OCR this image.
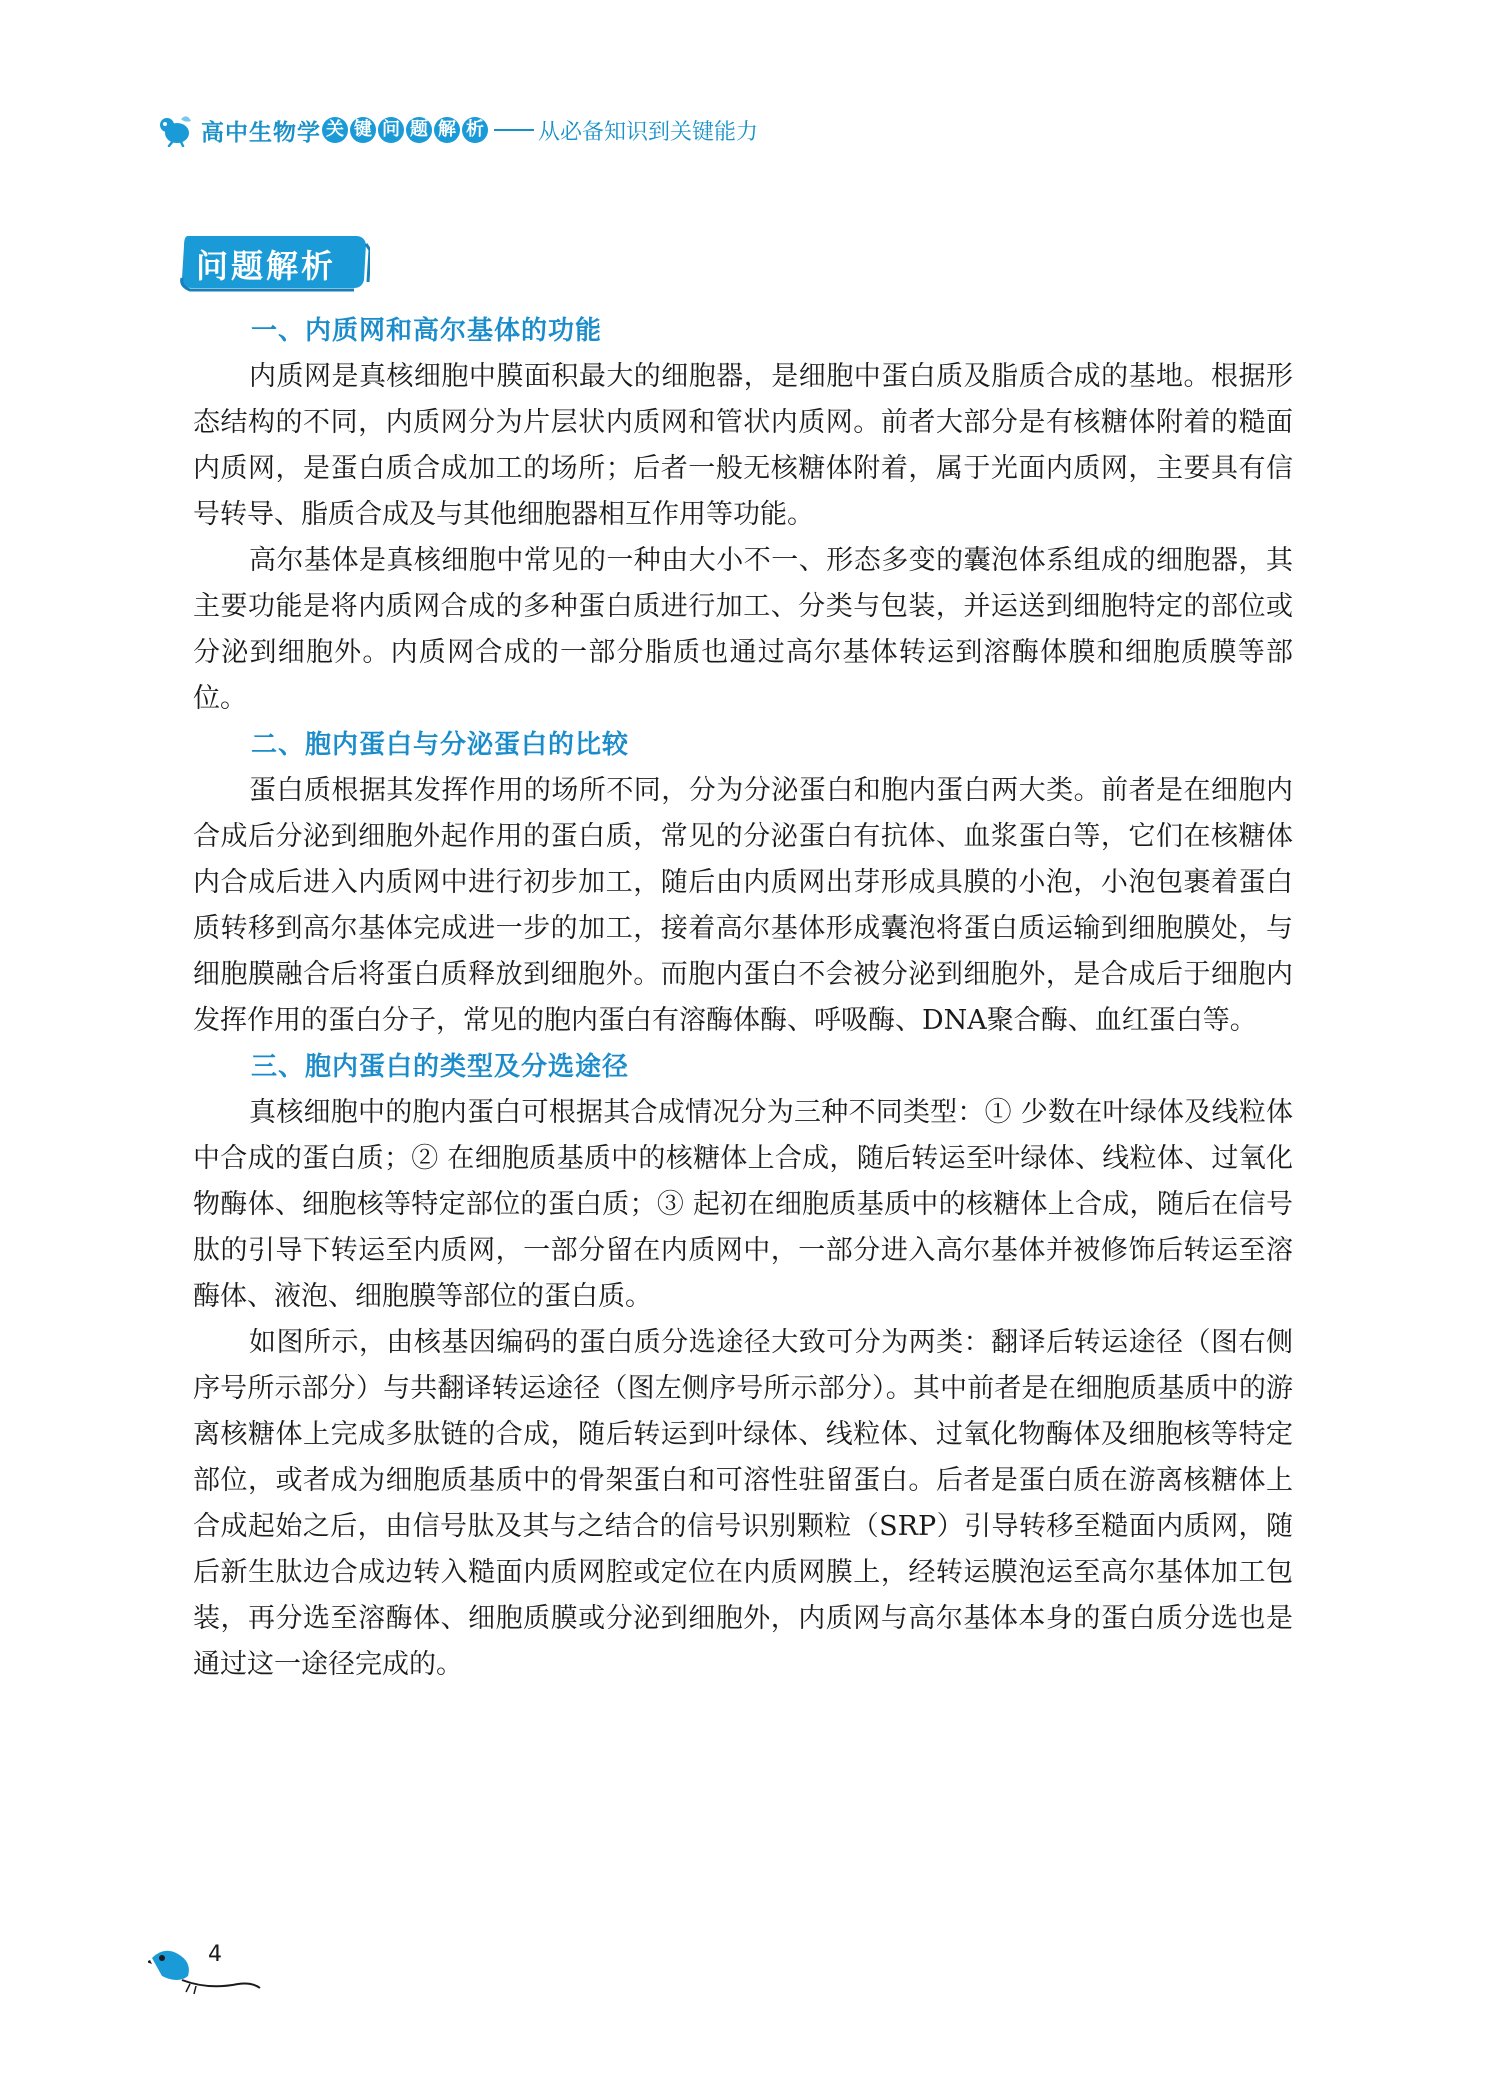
高中生物学 关 键 问 题 解 析 从必备知识到关键能力
问题解析
一、内质网和高尔基体的功能

内质网是真核细胞中膜面积最大的细胞器，是细胞中蛋白质及脂质合成的基地。根据形态结构的不同，内质网分为片层状内质网和管状内质网。前者大部分是有核糖体附着的糙面内质网，是蛋白质合成加工的场所；后者一般无核糖体附着，属于光面内质网，主要具有信号转导、脂质合成及与其他细胞器相互作用等功能。

高尔基体是真核细胞中常见的一种由大小不一、形态多变的囊泡体系组成的细胞器，其主要功能是将内质网合成的多种蛋白质进行加工、分类与包装，并运送到细胞特定的部位或分泌到细胞外。内质网合成的一部分脂质也通过高尔基体转运到溶酶体膜和细胞质膜等部位。

二、胞内蛋白与分泌蛋白的比较

蛋白质根据其发挥作用的场所不同，分为分泌蛋白和胞内蛋白两大类。前者是在细胞内合成后分泌到细胞外起作用的蛋白质，常见的分泌蛋白有抗体、血浆蛋白等，它们在核糖体内合成后进入内质网中进行初步加工，随后由内质网出芽形成具膜的小泡，小泡包裹着蛋白质转移到高尔基体完成进一步的加工，接着高尔基体形成囊泡将蛋白质运输到细胞膜处，与细胞膜融合后将蛋白质释放到细胞外。而胞内蛋白不会被分泌到细胞外，是合成后于细胞内发挥作用的蛋白分子，常见的胞内蛋白有溶酶体酶、呼吸酶、DNA聚合酶、血红蛋白等。

三、胞内蛋白的类型及分选途径

真核细胞中的胞内蛋白可根据其合成情况分为三种不同类型：① 少数在叶绿体及线粒体中合成的蛋白质；② 在细胞质基质中的核糖体上合成，随后转运至叶绿体、线粒体、过氧化物酶体、细胞核等特定部位的蛋白质；③ 起初在细胞质基质中的核糖体上合成，随后在信号肽的引导下转运至内质网，一部分留在内质网中，一部分进入高尔基体并被修饰后转运至溶酶体、液泡、细胞膜等部位的蛋白质。

如图所示，由核基因编码的蛋白质分选途径大致可分为两类：翻译后转运途径（图右侧序号所示部分）与共翻译转运途径（图左侧序号所示部分）。其中前者是在细胞质基质中的游离核糖体上完成多肽链的合成，随后转运到叶绿体、线粒体、过氧化物酶体及细胞核等特定部位，或者成为细胞质基质中的骨架蛋白和可溶性驻留蛋白。后者是蛋白质在游离核糖体上合成起始之后，由信号肽及其与之结合的信号识别颗粒（SRP）引导转移至糙面内质网，随后新生肽边合成边转入糙面内质网腔或定位在内质网膜上，经转运膜泡运至高尔基体加工包装，再分选至溶酶体、细胞质膜或分泌到细胞外，内质网与高尔基体本身的蛋白质分选也是通过这一途径完成的。

4
